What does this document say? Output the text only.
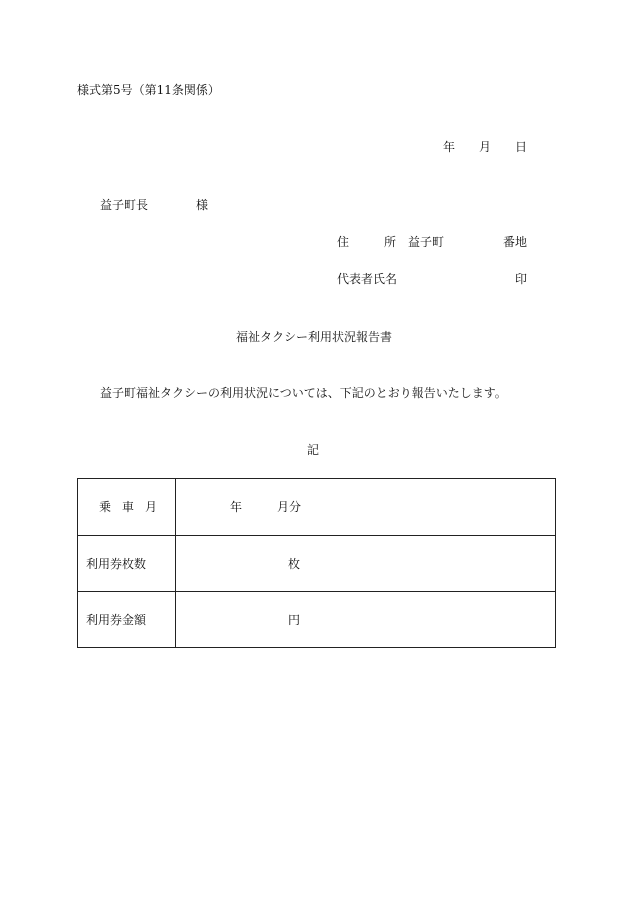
様式第5号（第11条関係）
年 月 日
益子町長	様
住	所 益子町	番地
代表者氏名	印
福祉タクシー利用状況報告書
益子町福祉タクシーの利用状況については、下記のとおり報告いたします。
記
乗 車 月	年	月分
利用券枚数	枚
利用券金額	円
